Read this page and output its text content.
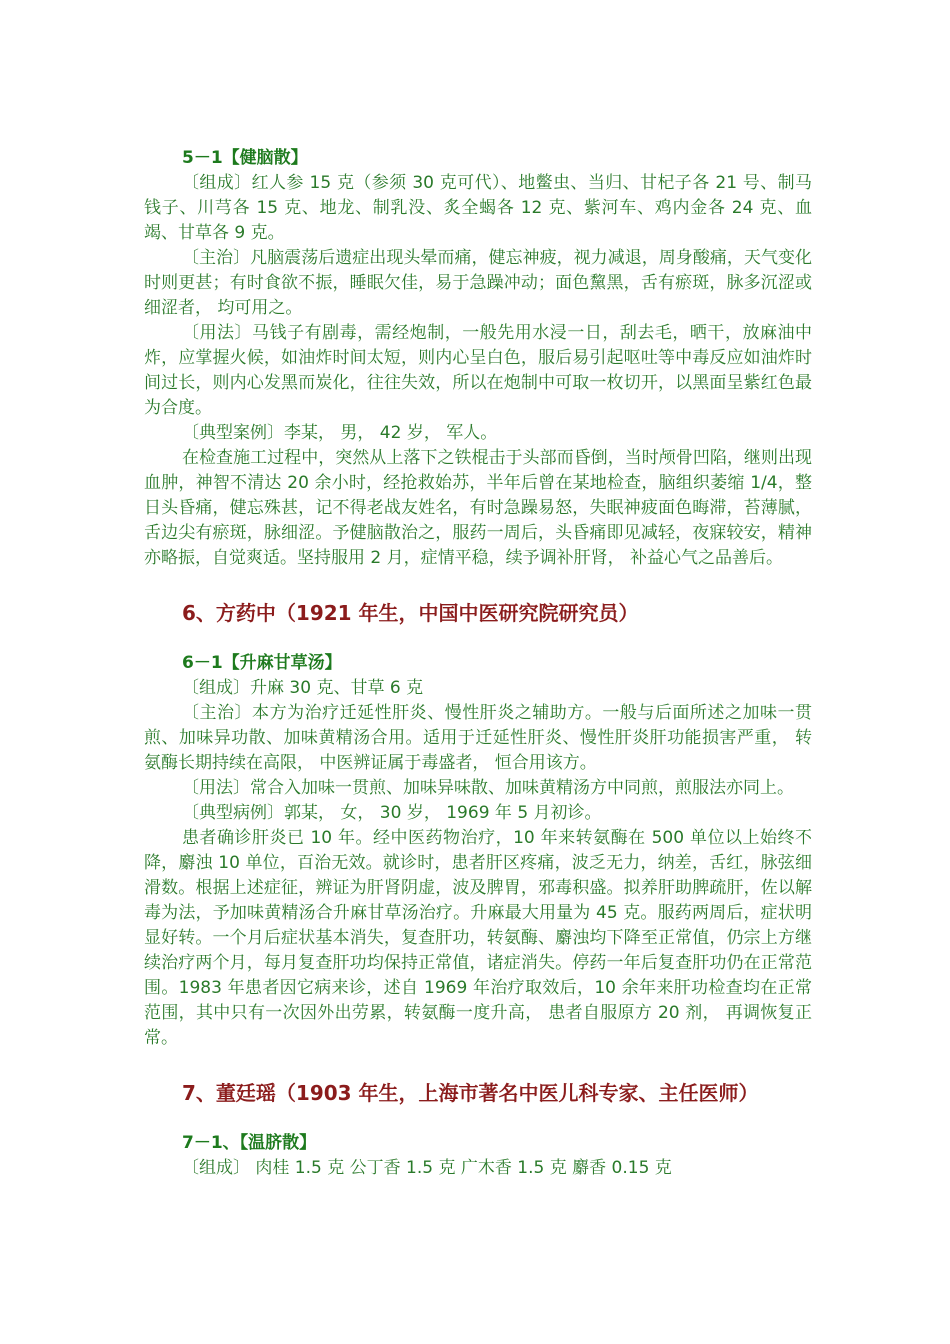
5－1【健脑散】

〔组成〕红人参 15 克（参须 30 克可代）、地鳖虫、当归、甘杞子各 21 号、制马钱子、川芎各 15 克、地龙、制乳没、炙全蝎各 12 克、紫河车、鸡内金各 24 克、血竭、甘草各 9 克。

〔主治〕凡脑震荡后遗症出现头晕而痛，健忘神疲，视力减退，周身酸痛，天气变化时则更甚；有时食欲不振，睡眠欠佳，易于急躁冲动；面色黧黑，舌有瘀斑，脉多沉涩或细涩者， 均可用之。

〔用法〕马钱子有剧毒，需经炮制，一般先用水浸一日，刮去毛，晒干，放麻油中炸，应掌握火候，如油炸时间太短，则内心呈白色，服后易引起呕吐等中毒反应如油炸时间过长，则内心发黑而炭化，往往失效，所以在炮制中可取一枚切开，以黑面呈紫红色最为合度。

〔典型案例〕李某， 男， 42 岁， 军人。

在检查施工过程中，突然从上落下之铁棍击于头部而昏倒，当时颅骨凹陷，继则出现血肿，神智不清达 20 余小时，经抢救始苏，半年后曾在某地检查，脑组织萎缩 1/4，整日头昏痛，健忘殊甚，记不得老战友姓名，有时急躁易怒，失眠神疲面色晦滞，苔薄腻，舌边尖有瘀斑，脉细涩。予健脑散治之，服药一周后，头昏痛即见减轻，夜寐较安，精神亦略振，自觉爽适。坚持服用 2 月，症情平稳，续予调补肝肾， 补益心气之品善后。

6、方药中（1921 年生，中国中医研究院研究员）

6－1【升麻甘草汤】

〔组成〕升麻 30 克、甘草 6 克

〔主治〕本方为治疗迁延性肝炎、慢性肝炎之辅助方。一般与后面所述之加味一贯煎、加味异功散、加味黄精汤合用。适用于迁延性肝炎、慢性肝炎肝功能损害严重， 转氨酶长期持续在高限， 中医辨证属于毒盛者， 恒合用该方。

〔用法〕常合入加味一贯煎、加味异味散、加味黄精汤方中同煎，煎服法亦同上。

〔典型病例〕郭某， 女， 30 岁， 1969 年 5 月初诊。

患者确诊肝炎已 10 年。经中医药物治疗，10 年来转氨酶在 500 单位以上始终不降，麝浊 10 单位，百治无效。就诊时，患者肝区疼痛，波乏无力，纳差，舌红，脉弦细滑数。根据上述症征，辨证为肝肾阴虚，波及脾胃，邪毒积盛。拟养肝助脾疏肝，佐以解毒为法，予加味黄精汤合升麻甘草汤治疗。升麻最大用量为 45 克。服药两周后，症状明显好转。一个月后症状基本消失，复查肝功，转氨酶、麝浊均下降至正常值，仍宗上方继续治疗两个月，每月复查肝功均保持正常值，诸症消失。停药一年后复查肝功仍在正常范围。1983 年患者因它病来诊，述自 1969 年治疗取效后，10 余年来肝功检查均在正常范围，其中只有一次因外出劳累，转氨酶一度升高， 患者自服原方 20 剂， 再调恢复正常。

7、董廷瑶（1903 年生，上海市著名中医儿科专家、主任医师）

7－1、【温脐散】

〔组成〕 肉桂 1.5 克 公丁香 1.5 克 广木香 1.5 克 麝香 0.15 克
